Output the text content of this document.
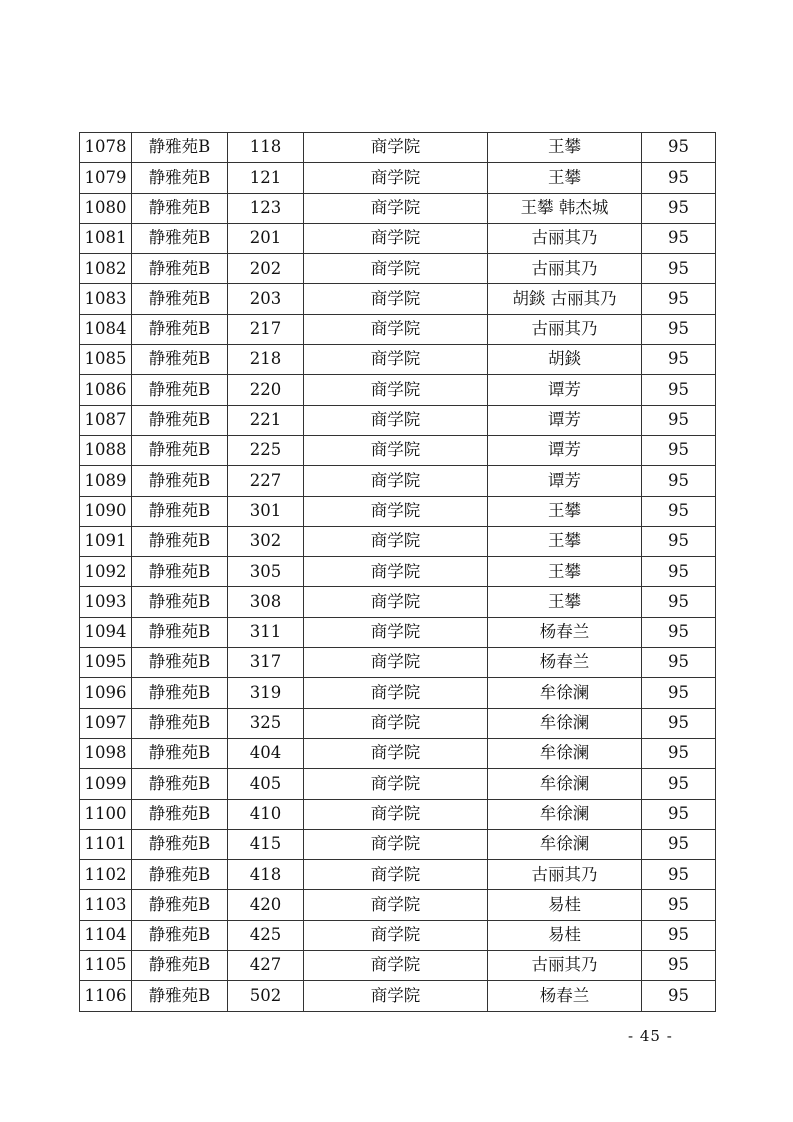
1078	静雅苑B	118	商学院	王攀	95
1079	静雅苑B	121	商学院	王攀	95
1080	静雅苑B	123	商学院	王攀 韩杰城	95
1081	静雅苑B	201	商学院	古丽其乃	95
1082	静雅苑B	202	商学院	古丽其乃	95
1083	静雅苑B	203	商学院	胡錟 古丽其乃	95
1084	静雅苑B	217	商学院	古丽其乃	95
1085	静雅苑B	218	商学院	胡錟	95
1086	静雅苑B	220	商学院	谭芳	95
1087	静雅苑B	221	商学院	谭芳	95
1088	静雅苑B	225	商学院	谭芳	95
1089	静雅苑B	227	商学院	谭芳	95
1090	静雅苑B	301	商学院	王攀	95
1091	静雅苑B	302	商学院	王攀	95
1092	静雅苑B	305	商学院	王攀	95
1093	静雅苑B	308	商学院	王攀	95
1094	静雅苑B	311	商学院	杨春兰	95
1095	静雅苑B	317	商学院	杨春兰	95
1096	静雅苑B	319	商学院	牟徐澜	95
1097	静雅苑B	325	商学院	牟徐澜	95
1098	静雅苑B	404	商学院	牟徐澜	95
1099	静雅苑B	405	商学院	牟徐澜	95
1100	静雅苑B	410	商学院	牟徐澜	95
1101	静雅苑B	415	商学院	牟徐澜	95
1102	静雅苑B	418	商学院	古丽其乃	95
1103	静雅苑B	420	商学院	易桂	95
1104	静雅苑B	425	商学院	易桂	95
1105	静雅苑B	427	商学院	古丽其乃	95
1106	静雅苑B	502	商学院	杨春兰	95
- 45 -
